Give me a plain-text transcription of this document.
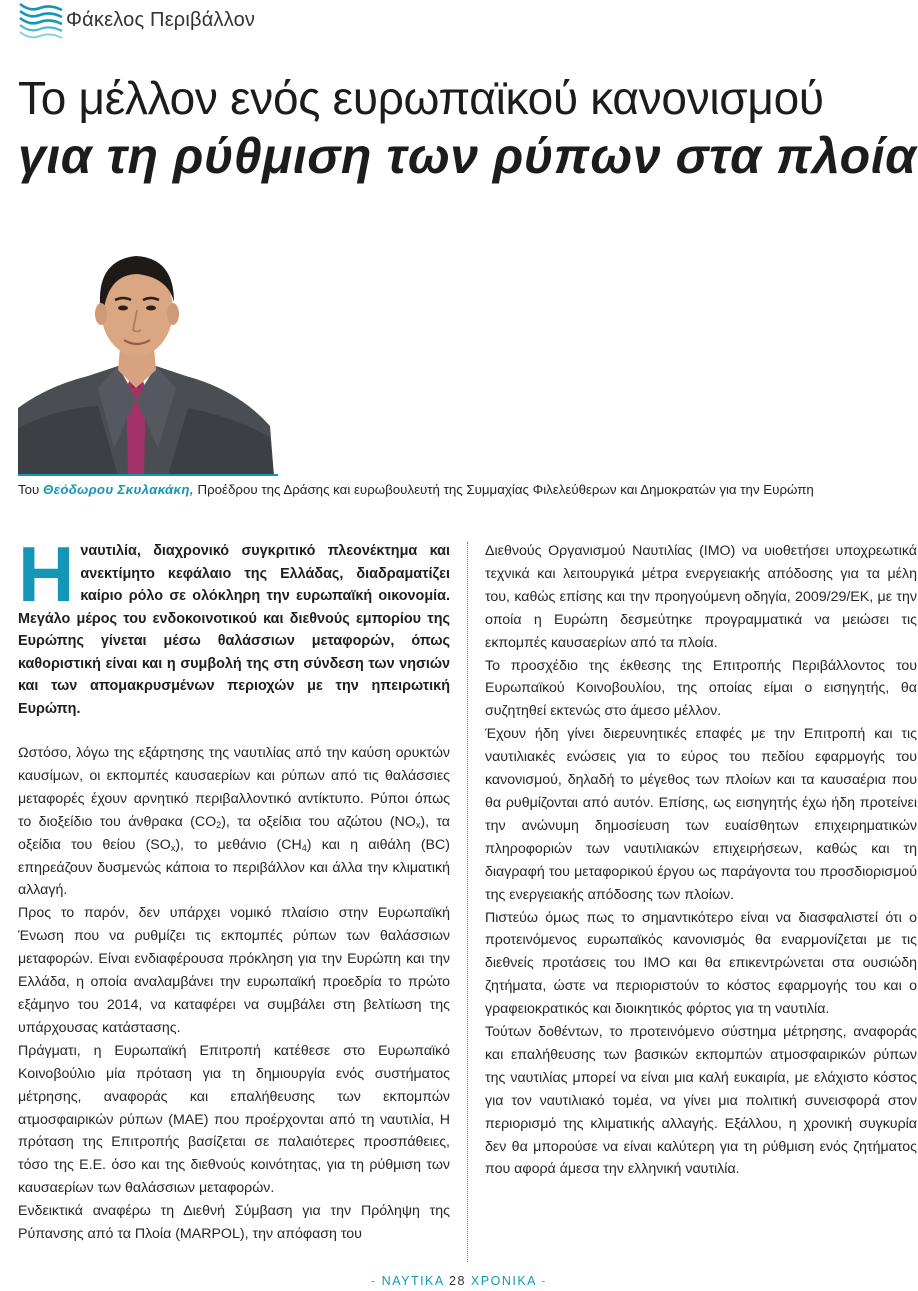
Φάκελος Περιβάλλον
Το μέλλον ενός ευρωπαϊκού κανονισμού
για τη ρύθμιση των ρύπων στα πλοία
Του Θεόδωρου Σκυλακάκη, Προέδρου της Δράσης και ευρωβουλευτή της Συμμαχίας Φιλελεύθερων και Δημοκρατών για την Ευρώπη

Ηναυτιλία, διαχρονικό συγκριτικό πλεονέκτημα και ανεκτίμητο κεφάλαιο της Ελλάδας, διαδραματίζει καίριο ρόλο σε ολόκληρη την ευρωπαϊκή οικονομία. Μεγάλο μέρος του ενδοκοινοτικού και διεθνούς εμπορίου της Ευρώπης γίνεται μέσω θαλάσσιων μεταφορών, όπως καθοριστική είναι και η συμβολή της στη σύνδεση των νησιών και των απομακρυσμένων περιοχών με την ηπειρωτική Ευρώπη.

Ωστόσο, λόγω της εξάρτησης της ναυτιλίας από την καύση ορυκτών καυσίμων, οι εκπομπές καυσαερίων και ρύπων από τις θαλάσσιες μεταφορές έχουν αρνητικό περιβαλλοντικό αντίκτυπο. Ρύποι όπως το διοξείδιο του άνθρακα $(CO_2)$, τα οξείδια του αζώτου $(NO_x)$, τα οξείδια του θείου $(SO_x)$, το μεθάνιο $(CH_4)$ και η αιθάλη (BC) επηρεάζουν δυσμενώς κάποια το περιβάλλον και άλλα την κλιματική αλλαγή.

Προς το παρόν, δεν υπάρχει νομικό πλαίσιο στην Ευρωπαϊκή Ένωση που να ρυθμίζει τις εκπομπές ρύπων των θαλάσσιων μεταφορών. Είναι ενδιαφέρουσα πρόκληση για την Ευρώπη και την Ελλάδα, η οποία αναλαμβάνει την ευρωπαϊκή προεδρία το πρώτο εξάμηνο του 2014, να καταφέρει να συμβάλει στη βελτίωση της υπάρχουσας κατάστασης.

Πράγματι, η Ευρωπαϊκή Επιτροπή κατέθεσε στο Ευρωπαϊκό Κοινοβούλιο μία πρόταση για τη δημιουργία ενός συστήματος μέτρησης, αναφοράς και επαλήθευσης των εκπομπών ατμοσφαιρικών ρύπων (MAE) που προέρχονται από τη ναυτιλία, Η πρόταση της Επιτροπής βασίζεται σε παλαιότερες προσπάθειες, τόσο της Ε.Ε. όσο και της διεθνούς κοινότητας, για τη ρύθμιση των καυσαερίων των θαλάσσιων μεταφορών.

Ενδεικτικά αναφέρω τη Διεθνή Σύμβαση για την Πρόληψη της Ρύπανσης από τα Πλοία (MARPOL), την απόφαση του

Διεθνούς Οργανισμού Ναυτιλίας (IMO) να υιοθετήσει υποχρεωτικά τεχνικά και λειτουργικά μέτρα ενεργειακής απόδοσης για τα μέλη του, καθώς επίσης και την προηγούμενη οδηγία, 2009/29/ΕΚ, με την οποία η Ευρώπη δεσμεύτηκε προγραμματικά να μειώσει τις εκπομπές καυσαερίων από τα πλοία.

Το προσχέδιο της έκθεσης της Επιτροπής Περιβάλλοντος του Ευρωπαϊκού Κοινοβουλίου, της οποίας είμαι ο εισηγητής, θα συζητηθεί εκτενώς στο άμεσο μέλλον.

Έχουν ήδη γίνει διερευνητικές επαφές με την Επιτροπή και τις ναυτιλιακές ενώσεις για το εύρος του πεδίου εφαρμογής του κανονισμού, δηλαδή το μέγεθος των πλοίων και τα καυσαέρια που θα ρυθμίζονται από αυτόν. Επίσης, ως εισηγητής έχω ήδη προτείνει την ανώνυμη δημοσίευση των ευαίσθητων επιχειρηματικών πληροφοριών των ναυτιλιακών επιχειρήσεων, καθώς και τη διαγραφή του μεταφορικού έργου ως παράγοντα του προσδιορισμού της ενεργειακής απόδοσης των πλοίων.

Πιστεύω όμως πως το σημαντικότερο είναι να διασφαλιστεί ότι ο προτεινόμενος ευρωπαϊκός κανονισμός θα εναρμονίζεται με τις διεθνείς προτάσεις του IMO και θα επικεντρώνεται στα ουσιώδη ζητήματα, ώστε να περιοριστούν το κόστος εφαρμογής του και ο γραφειοκρατικός και διοικητικός φόρτος για τη ναυτιλία.

Τούτων δοθέντων, το προτεινόμενο σύστημα μέτρησης, αναφοράς και επαλήθευσης των βασικών εκπομπών ατμοσφαιρικών ρύπων της ναυτιλίας μπορεί να είναι μια καλή ευκαιρία, με ελάχιστο κόστος για τον ναυτιλιακό τομέα, να γίνει μια πολιτική συνεισφορά στον περιορισμό της κλιματικής αλλαγής. Εξάλλου, η χρονική συγκυρία δεν θα μπορούσε να είναι καλύτερη για τη ρύθμιση ενός ζητήματος που αφορά άμεσα την ελληνική ναυτιλία.

- ΝΑΥΤΙΚΑ 28 ΧΡΟΝΙΚΑ -
